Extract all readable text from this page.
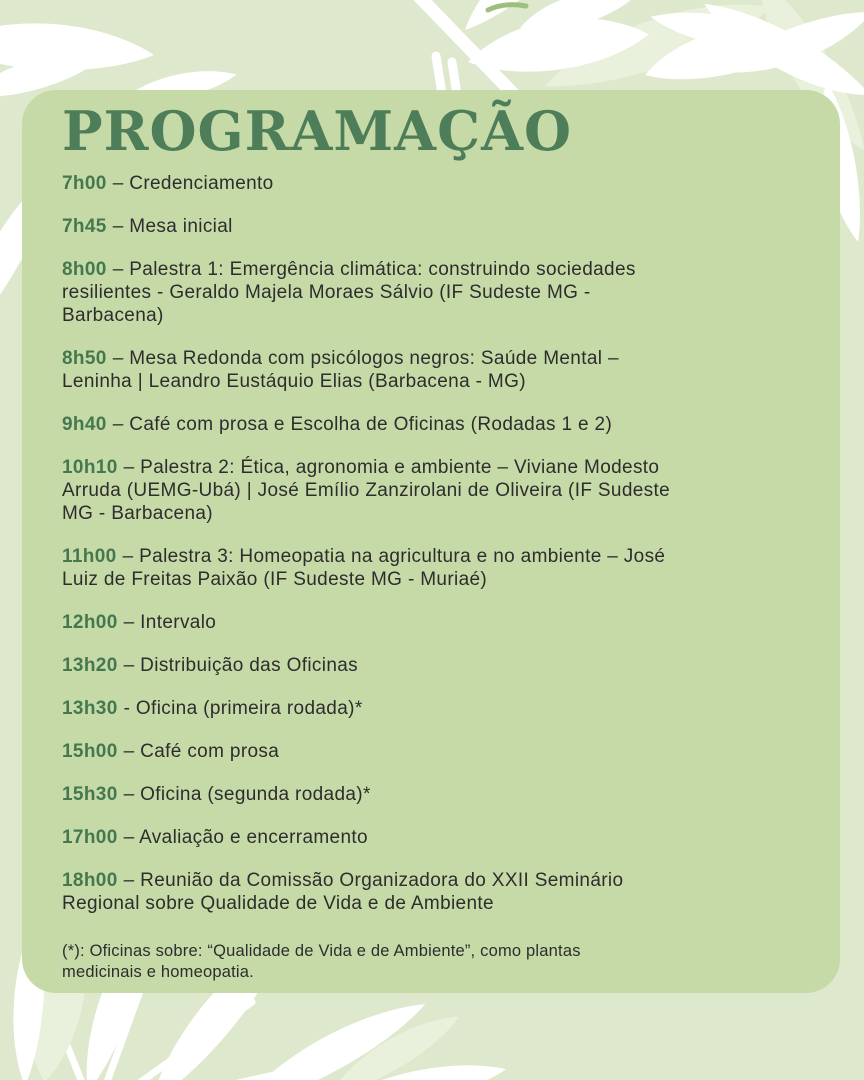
PROGRAMAÇÃO

7h00 – Credenciamento

7h45 – Mesa inicial

8h00 – Palestra 1: Emergência climática: construindo sociedades resilientes - Geraldo Majela Moraes Sálvio (IF Sudeste MG - Barbacena)

8h50 – Mesa Redonda com psicólogos negros: Saúde Mental – Leninha | Leandro Eustáquio Elias (Barbacena - MG)

9h40 – Café com prosa e Escolha de Oficinas (Rodadas 1 e 2)

10h10 – Palestra 2: Ética, agronomia e ambiente – Viviane Modesto Arruda (UEMG-Ubá) | José Emílio Zanzirolani de Oliveira (IF Sudeste MG - Barbacena)

11h00 – Palestra 3: Homeopatia na agricultura e no ambiente – José Luiz de Freitas Paixão (IF Sudeste MG - Muriaé)

12h00 – Intervalo

13h20 – Distribuição das Oficinas

13h30 - Oficina (primeira rodada)*

15h00 – Café com prosa

15h30 – Oficina (segunda rodada)*

17h00 – Avaliação e encerramento

18h00 – Reunião da Comissão Organizadora do XXII Seminário Regional sobre Qualidade de Vida e de Ambiente

(*): Oficinas sobre: “Qualidade de Vida e de Ambiente”, como plantas medicinais e homeopatia.
